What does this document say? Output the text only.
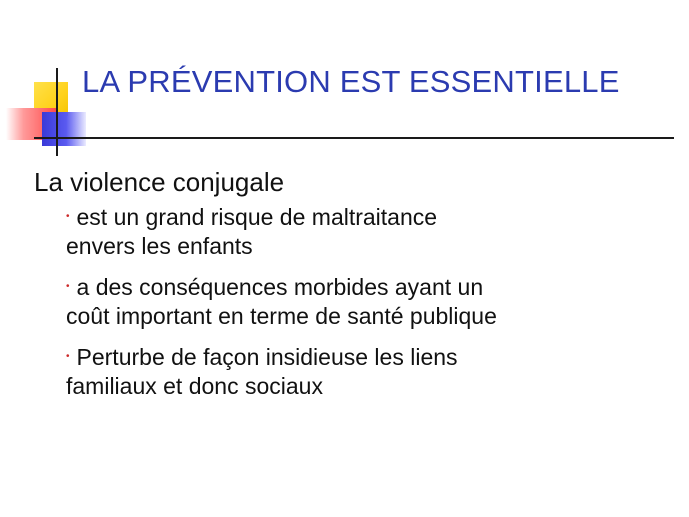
LA PRÉVENTION EST ESSENTIELLE
La violence conjugale
• est un grand risque de maltraitance
envers les enfants
• a des conséquences morbides ayant un
coût important en terme de santé publique
• Perturbe de façon insidieuse les liens
familiaux et donc sociaux
